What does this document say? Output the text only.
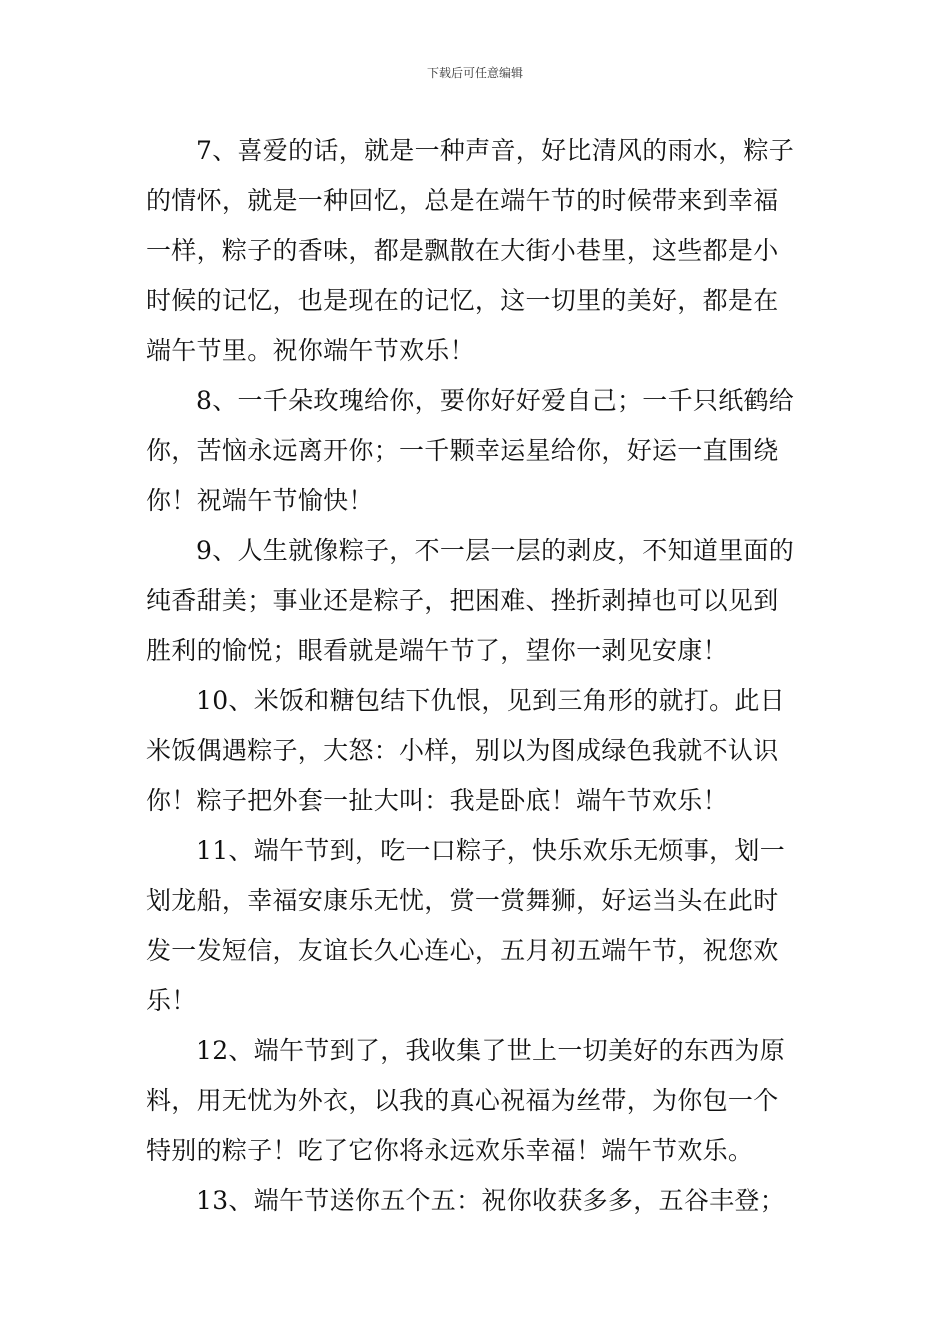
下载后可任意编辑
7、喜爱的话，就是一种声音，好比清风的雨水，粽子
的情怀，就是一种回忆，总是在端午节的时候带来到幸福
一样，粽子的香味，都是飘散在大街小巷里，这些都是小
时候的记忆，也是现在的记忆，这一切里的美好，都是在
端午节里。祝你端午节欢乐！
8、一千朵玫瑰给你，要你好好爱自己；一千只纸鹤给
你，苦恼永远离开你；一千颗幸运星给你，好运一直围绕
你！祝端午节愉快！
9、人生就像粽子，不一层一层的剥皮，不知道里面的
纯香甜美；事业还是粽子，把困难、挫折剥掉也可以见到
胜利的愉悦；眼看就是端午节了，望你一剥见安康！
10、米饭和糖包结下仇恨，见到三角形的就打。此日
米饭偶遇粽子，大怒：小样，别以为图成绿色我就不认识
你！粽子把外套一扯大叫：我是卧底！端午节欢乐！
11、端午节到，吃一口粽子，快乐欢乐无烦事，划一
划龙船，幸福安康乐无忧，赏一赏舞狮，好运当头在此时
发一发短信，友谊长久心连心，五月初五端午节，祝您欢
乐！
12、端午节到了，我收集了世上一切美好的东西为原
料，用无忧为外衣，以我的真心祝福为丝带，为你包一个
特别的粽子！吃了它你将永远欢乐幸福！端午节欢乐。
13、端午节送你五个五：祝你收获多多，五谷丰登；
